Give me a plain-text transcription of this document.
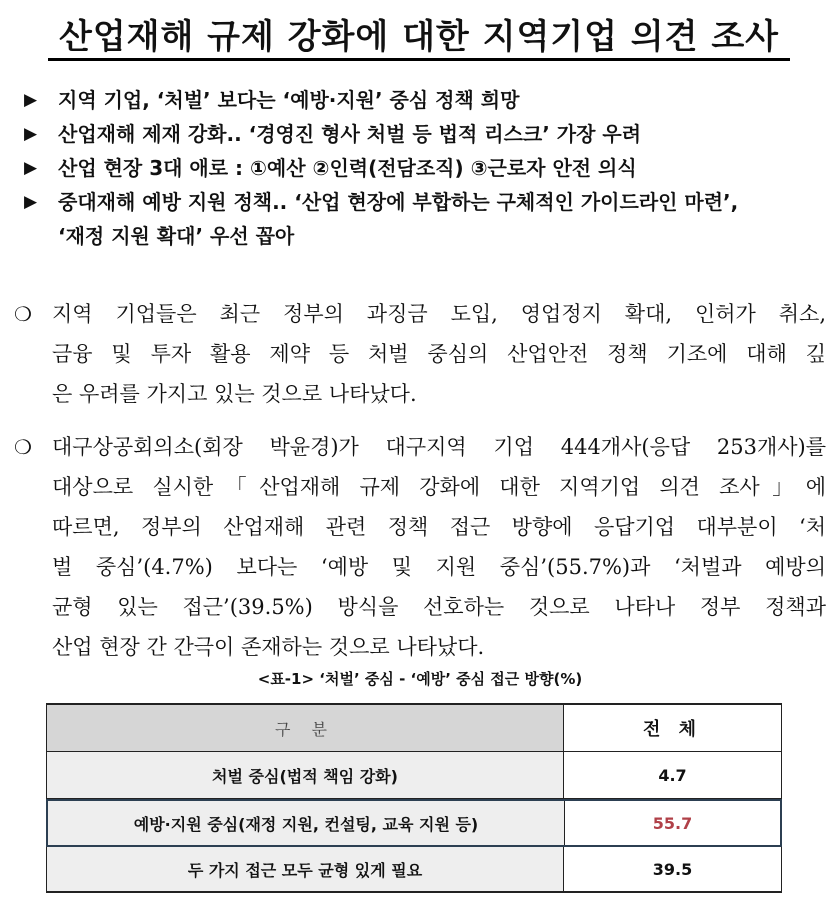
산업재해 규제 강화에 대한 지역기업 의견 조사
▶	지역 기업, ‘처벌’ 보다는 ‘예방·지원’ 중심 정책 희망
▶	산업재해 제재 강화.. ‘경영진 형사 처벌 등 법적 리스크’ 가장 우려
▶	산업 현장 3대 애로 : ①예산 ②인력(전담조직) ③근로자 안전 의식
▶	중대재해 예방 지원 정책.. ‘산업 현장에 부합하는 구체적인 가이드라인 마련’,
‘재정 지원 확대’ 우선 꼽아
❍ 지역 기업들은 최근 정부의 과징금 도입, 영업정지 확대, 인허가 취소,
금융 및 투자 활용 제약 등 처벌 중심의 산업안전 정책 기조에 대해 깊
은 우려를 가지고 있는 것으로 나타났다.
❍ 대구상공회의소(회장 박윤경)가 대구지역 기업 444개사(응답 253개사)를
대상으로 실시한「산업재해 규제 강화에 대한 지역기업 의견 조사」에
따르면, 정부의 산업재해 관련 정책 접근 방향에 응답기업 대부분이 ‘처
벌 중심’(4.7%) 보다는 ‘예방 및 지원 중심’(55.7%)과 ‘처벌과 예방의
균형 있는 접근’(39.5%) 방식을 선호하는 것으로 나타나 정부 정책과
산업 현장 간 간극이 존재하는 것으로 나타났다.
<표-1> ‘처벌’ 중심 - ‘예방’ 중심 접근 방향(%)
구 분	전 체
처벌 중심(법적 책임 강화)	4.7
예방·지원 중심(재정 지원, 컨설팅, 교육 지원 등)	55.7
두 가지 접근 모두 균형 있게 필요	39.5
